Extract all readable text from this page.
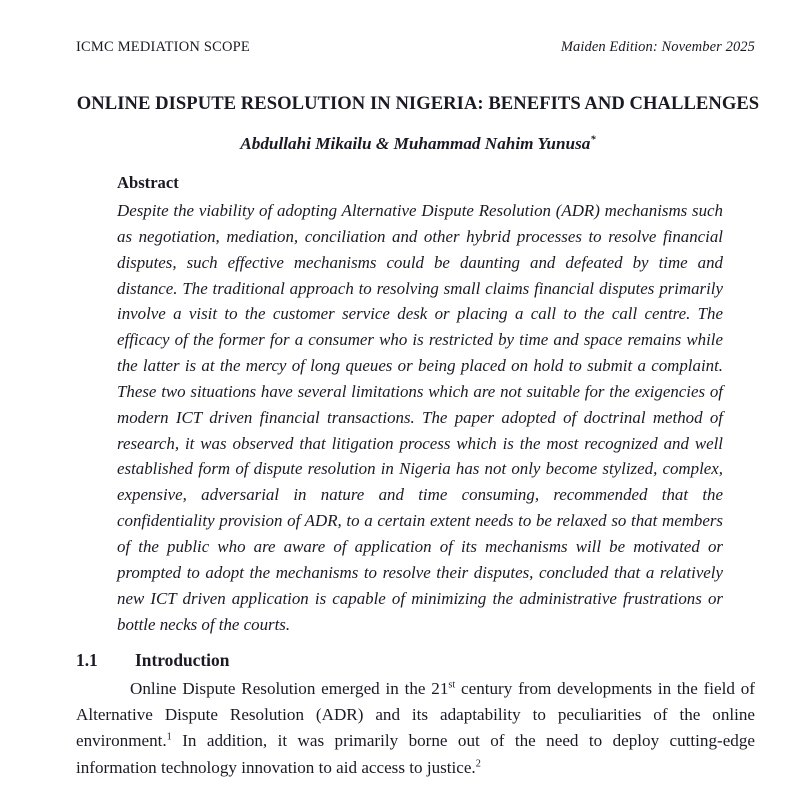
ICMC MEDIATION SCOPE	Maiden Edition: November 2025
ONLINE DISPUTE RESOLUTION IN NIGERIA: BENEFITS AND CHALLENGES
Abdullahi Mikailu & Muhammad Nahim Yunusa*
Abstract
Despite the viability of adopting Alternative Dispute Resolution (ADR) mechanisms such as negotiation, mediation, conciliation and other hybrid processes to resolve financial disputes, such effective mechanisms could be daunting and defeated by time and distance. The traditional approach to resolving small claims financial disputes primarily involve a visit to the customer service desk or placing a call to the call centre. The efficacy of the former for a consumer who is restricted by time and space remains while the latter is at the mercy of long queues or being placed on hold to submit a complaint. These two situations have several limitations which are not suitable for the exigencies of modern ICT driven financial transactions. The paper adopted of doctrinal method of research, it was observed that litigation process which is the most recognized and well established form of dispute resolution in Nigeria has not only become stylized, complex, expensive, adversarial in nature and time consuming, recommended that the confidentiality provision of ADR, to a certain extent needs to be relaxed so that members of the public who are aware of application of its mechanisms will be motivated or prompted to adopt the mechanisms to resolve their disputes, concluded that a relatively new ICT driven application is capable of minimizing the administrative frustrations or bottle necks of the courts.
1.1	Introduction
Online Dispute Resolution emerged in the 21st century from developments in the field of Alternative Dispute Resolution (ADR) and its adaptability to peculiarities of the online environment.$^1$ In addition, it was primarily borne out of the need to deploy cutting-edge information technology innovation to aid access to justice.$^2$
